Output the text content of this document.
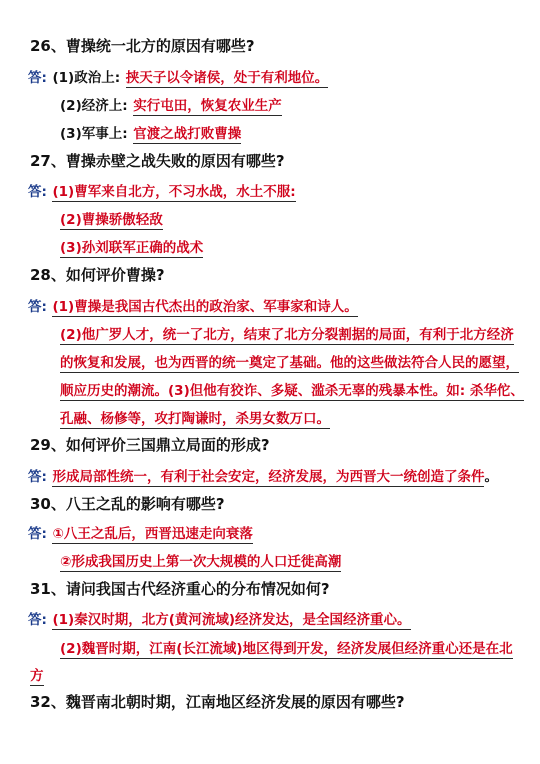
26、曹操统一北方的原因有哪些?
答: (1)政治上: 挟天子以令诸侯，处于有利地位。
(2)经济上: 实行屯田，恢复农业生产
(3)军事上: 官渡之战打败曹操
27、曹操赤壁之战失败的原因有哪些?
答: (1)曹军来自北方，不习水战，水土不服:
(2)曹操骄傲轻敌
(3)孙刘联军正确的战术
28、如何评价曹操?
答: (1)曹操是我国古代杰出的政治家、军事家和诗人。
(2)他广罗人才，统一了北方，结束了北方分裂割据的局面，有利于北方经济
的恢复和发展，也为西晋的统一奠定了基础。他的这些做法符合人民的愿望，
顺应历史的潮流。(3)但他有狡诈、多疑、滥杀无辜的残暴本性。如: 杀华佗、
孔融、杨修等，攻打陶谦时，杀男女数万口。
29、如何评价三国鼎立局面的形成?
答: 形成局部性统一，有利于社会安定，经济发展，为西晋大一统创造了条件。
30、八王之乱的影响有哪些?
答: ①八王之乱后，西晋迅速走向衰落
②形成我国历史上第一次大规模的人口迁徙高潮
31、请问我国古代经济重心的分布情况如何?
答: (1)秦汉时期，北方(黄河流域)经济发达，是全国经济重心。
(2)魏晋时期，江南(长江流域)地区得到开发，经济发展但经济重心还是在北
方
32、魏晋南北朝时期，江南地区经济发展的原因有哪些?
